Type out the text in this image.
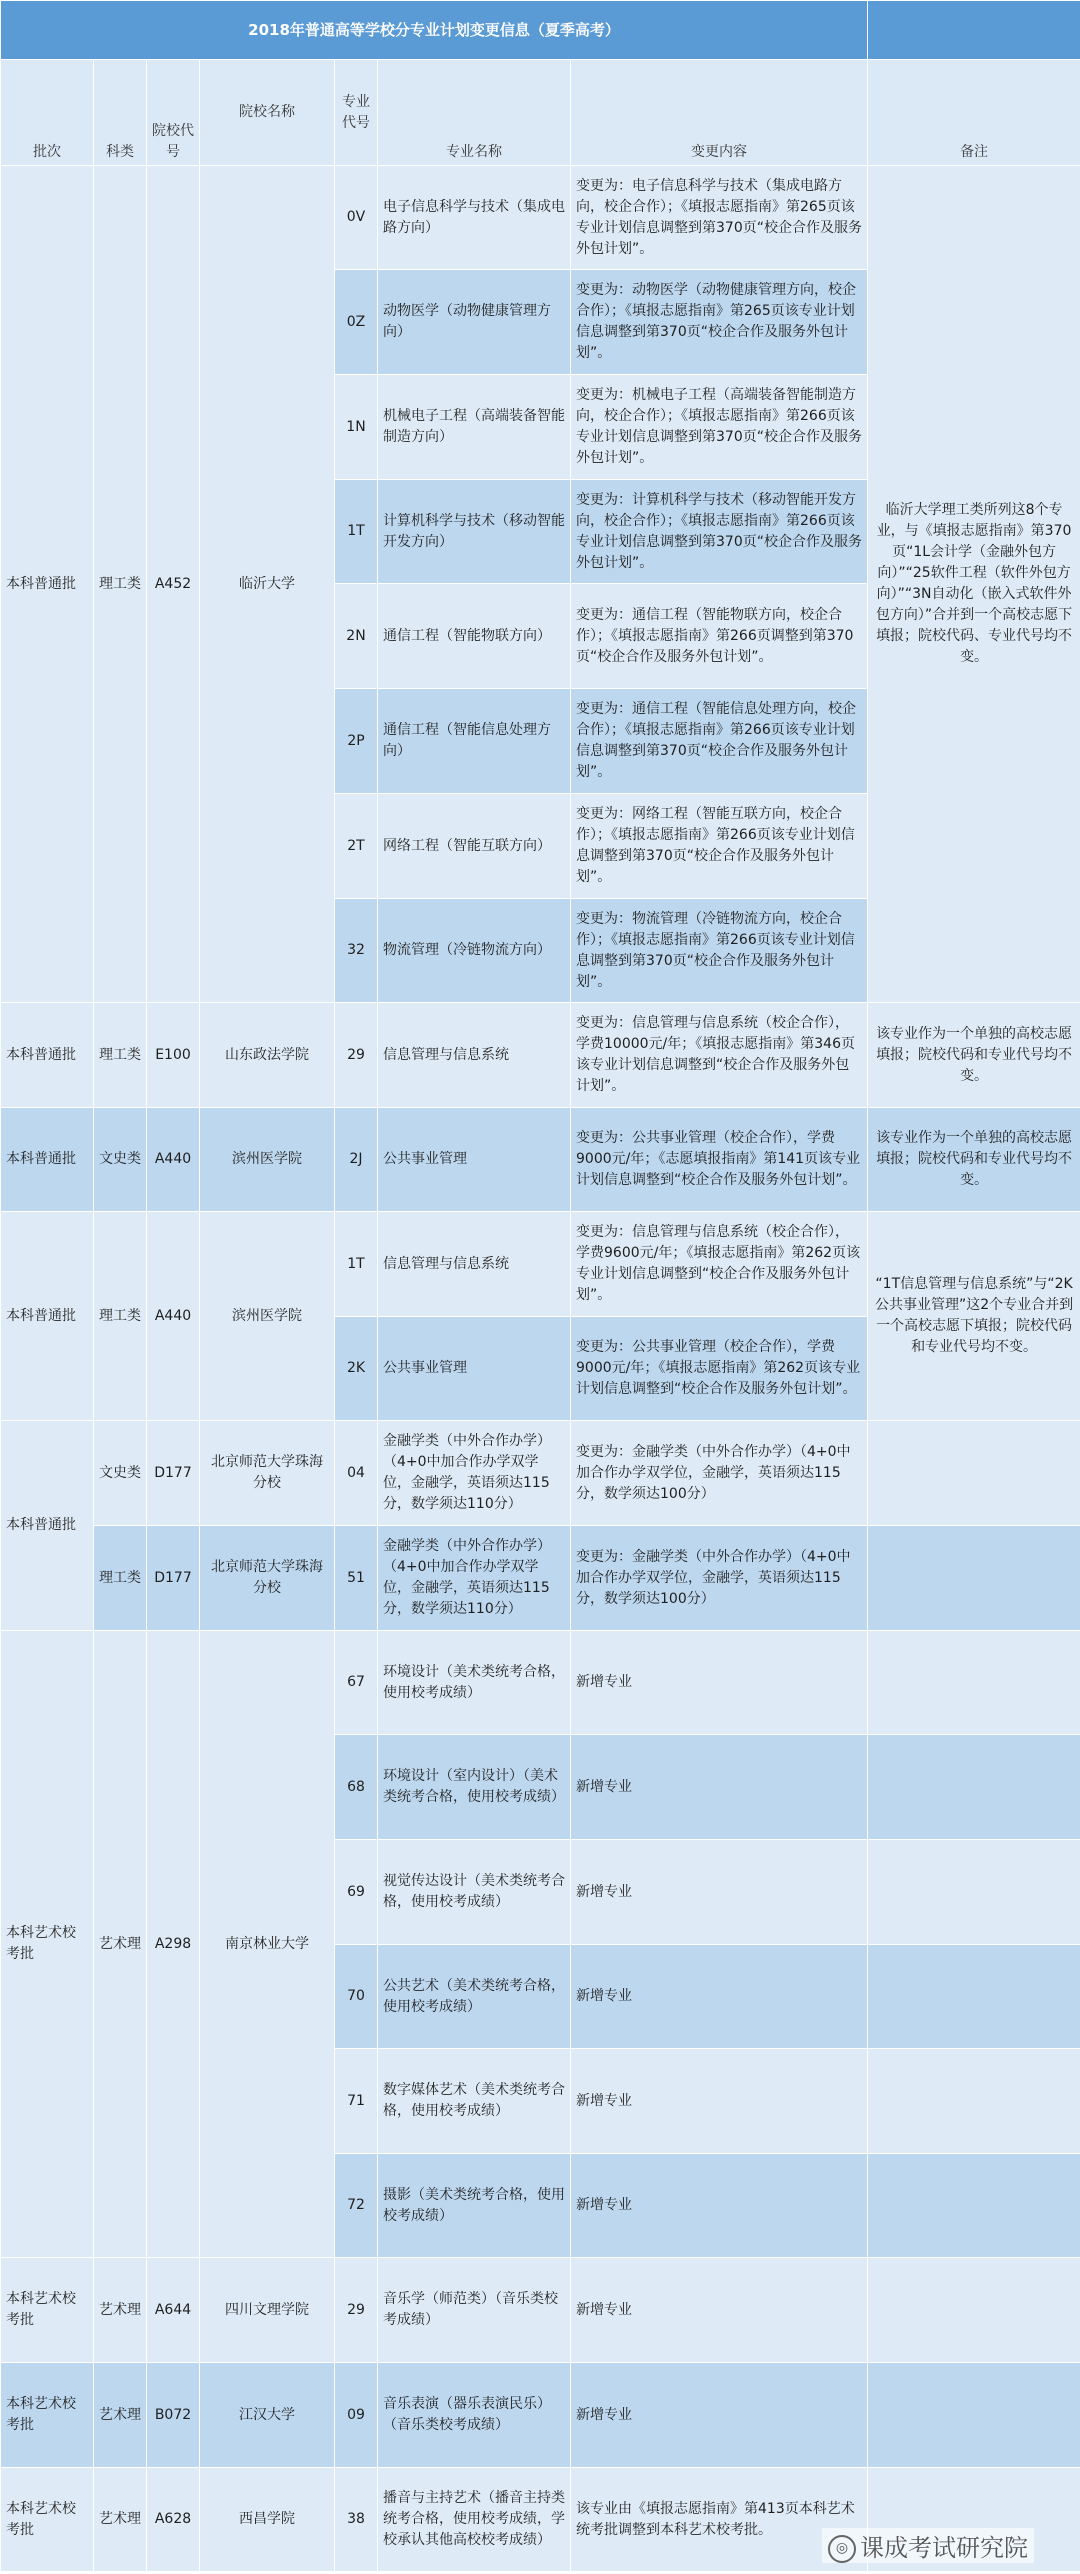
2018年普通高等学校分专业计划变更信息（夏季高考）							
批次	科类	院校代号	院校名称	专业代号	专业名称	变更内容	备注
本科普通批	理工类	A452	临沂大学	0V	电子信息科学与技术（集成电路方向）	变更为：电子信息科学与技术（集成电路方向，校企合作）；《填报志愿指南》第265页该专业计划信息调整到第370页“校企合作及服务外包计划”。	临沂大学理工类所列这8个专业，与《填报志愿指南》第370页“1L会计学（金融外包方向）”“25软件工程（软件外包方向）”“3N自动化（嵌入式软件外包方向）”合并到一个高校志愿下填报；院校代码、专业代号均不变。
				0Z	动物医学（动物健康管理方向）	变更为：动物医学（动物健康管理方向，校企合作）；《填报志愿指南》第265页该专业计划信息调整到第370页“校企合作及服务外包计划”。	
				1N	机械电子工程（高端装备智能制造方向）	变更为：机械电子工程（高端装备智能制造方向，校企合作）；《填报志愿指南》第266页该专业计划信息调整到第370页“校企合作及服务外包计划”。	
				1T	计算机科学与技术（移动智能开发方向）	变更为：计算机科学与技术（移动智能开发方向，校企合作）；《填报志愿指南》第266页该专业计划信息调整到第370页“校企合作及服务外包计划”。	
				2N	通信工程（智能物联方向）	变更为：通信工程（智能物联方向，校企合作）；《填报志愿指南》第266页调整到第370页“校企合作及服务外包计划”。	
				2P	通信工程（智能信息处理方向）	变更为：通信工程（智能信息处理方向，校企合作）；《填报志愿指南》第266页该专业计划信息调整到第370页“校企合作及服务外包计划”。	
				2T	网络工程（智能互联方向）	变更为：网络工程（智能互联方向，校企合作）；《填报志愿指南》第266页该专业计划信息调整到第370页“校企合作及服务外包计划”。	
				32	物流管理（冷链物流方向）	变更为：物流管理（冷链物流方向，校企合作）；《填报志愿指南》第266页该专业计划信息调整到第370页“校企合作及服务外包计划”。	
本科普通批	理工类	E100	山东政法学院	29	信息管理与信息系统	变更为：信息管理与信息系统（校企合作），学费10000元/年；《填报志愿指南》第346页该专业计划信息调整到“校企合作及服务外包计划”。	该专业作为一个单独的高校志愿填报；院校代码和专业代号均不变。
本科普通批	文史类	A440	滨州医学院	2J	公共事业管理	变更为：公共事业管理（校企合作），学费9000元/年；《志愿填报指南》第141页该专业计划信息调整到“校企合作及服务外包计划”。	该专业作为一个单独的高校志愿填报；院校代码和专业代号均不变。
本科普通批	理工类	A440	滨州医学院	1T	信息管理与信息系统	变更为：信息管理与信息系统（校企合作），学费9600元/年；《填报志愿指南》第262页该专业计划信息调整到“校企合作及服务外包计划”。	“1T信息管理与信息系统”与“2K公共事业管理”这2个专业合并到一个高校志愿下填报；院校代码和专业代号均不变。
				2K	公共事业管理	变更为：公共事业管理（校企合作），学费9000元/年；《填报志愿指南》第262页该专业计划信息调整到“校企合作及服务外包计划”。	
本科普通批	文史类	D177	北京师范大学珠海分校	04	金融学类（中外合作办学）（4+0中加合作办学双学位，金融学，英语须达115分，数学须达110分）	变更为：金融学类（中外合作办学）（4+0中加合作办学双学位，金融学，英语须达115分，数学须达100分）	
	理工类	D177	北京师范大学珠海分校	51	金融学类（中外合作办学）（4+0中加合作办学双学位，金融学，英语须达115分，数学须达110分）	变更为：金融学类（中外合作办学）（4+0中加合作办学双学位，金融学，英语须达115分，数学须达100分）	
本科艺术校考批	艺术理	A298	南京林业大学	67	环境设计（美术类统考合格，使用校考成绩）	新增专业	
				68	环境设计（室内设计）（美术类统考合格，使用校考成绩）	新增专业	
				69	视觉传达设计（美术类统考合格，使用校考成绩）	新增专业	
				70	公共艺术（美术类统考合格，使用校考成绩）	新增专业	
				71	数字媒体艺术（美术类统考合格，使用校考成绩）	新增专业	
				72	摄影（美术类统考合格，使用校考成绩）	新增专业	
本科艺术校考批	艺术理	A644	四川文理学院	29	音乐学（师范类）（音乐类校考成绩）	新增专业	
本科艺术校考批	艺术理	B072	江汉大学	09	音乐表演（器乐表演民乐）（音乐类校考成绩）	新增专业	
本科艺术校考批	艺术理	A628	西昌学院	38	播音与主持艺术（播音主持类统考合格，使用校考成绩，学校承认其他高校校考成绩）	该专业由《填报志愿指南》第413页本科艺术统考批调整到本科艺术校考批。	
◎ 课成考试研究院
